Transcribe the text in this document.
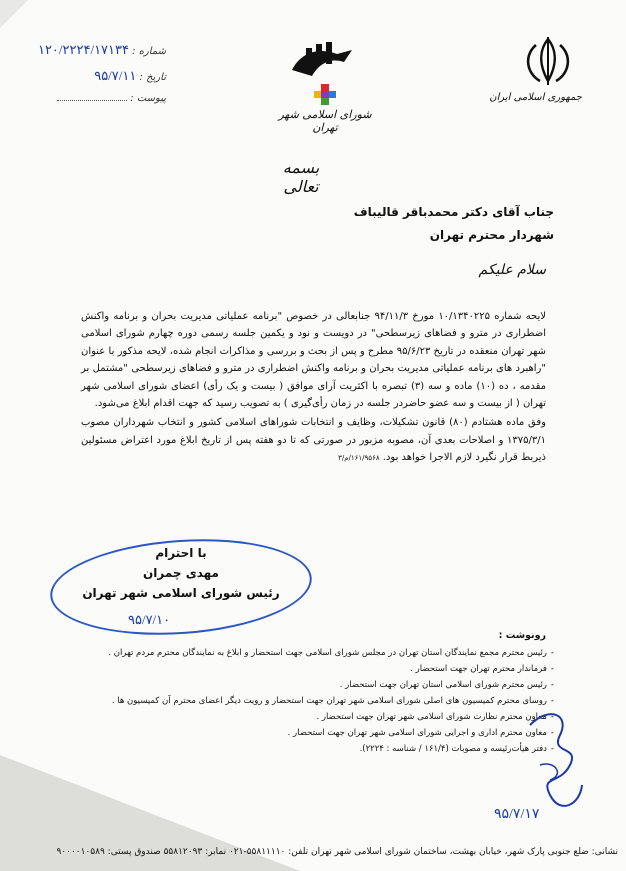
جمهوری اسلامی ایران
شورای اسلامی شهر تهران
شماره : ۱۲۰/۲۲۲۴/۱۷۱۳۴
تاریخ : ۹۵/۷/۱۱
پیوست :
بسمه تعالی
جناب آقای دکتر محمدباقر قالیباف
شهردار محترم تهران
سلام علیکم

لایحه شماره ۱۰/۱۳۴۰۲۲۵ مورخ ۹۴/۱۱/۳ جنابعالی در خصوص "برنامه عملیاتی مدیریت بحران و برنامه واکنش اضطراری در مترو و فضاهای زیرسطحی" در دویست و نود و یکمین جلسه رسمی دوره چهارم شورای اسلامی شهر تهران منعقده در تاریخ ۹۵/۶/۲۳ مطرح و پس از بحث و بررسی و مذاکرات انجام شده، لایحه مذکور با عنوان "راهبرد های برنامه عملیاتی مدیریت بحران و برنامه واکنش اضطراری در مترو و فضاهای زیرسطحی "مشتمل بر مقدمه ، ده (۱۰) ماده و سه (۳) تبصره با اکثریت آرای موافق ( بیست و یک رأی) اعضای شورای اسلامی شهر تهران ( از بیست و سه عضو حاضردر جلسه در زمان رأی‌گیری ) به تصویب رسید که جهت اقدام ابلاغ می‌شود.

وفق ماده هشتادم (۸۰) قانون تشکیلات، وظایف و انتخابات شوراهای اسلامی کشور و انتخاب شهرداران مصوب ۱۳۷۵/۳/۱ و اصلاحات بعدی آن، مصوبه مزبور در صورتی که تا دو هفته پس از تاریخ ابلاغ مورد اعتراض مسئولین ذیربط قرار نگیرد لازم الاجرا خواهد بود. ۱۶۱/۹۵۶۸/م/۳

با احترام
مهدی چمران
رئیس شورای اسلامی شهر تهران
۹۵/۷/۱۰
رونوشت :
-رئیس محترم مجمع نمایندگان استان تهران در مجلس شورای اسلامی جهت استحضار و ابلاغ به نمایندگان محترم مردم تهران .
-فرماندار محترم تهران جهت استحضار .
-رئیس محترم شورای اسلامی استان تهران جهت استحضار .
-روسای محترم کمیسیون های اصلی شورای اسلامی شهر تهران جهت استحضار و رویت دیگر اعضای محترم آن کمیسیون ها .
-معاون محترم نظارت شورای اسلامی شهر تهران جهت استحضار .
-معاون محترم اداری و اجرایی شورای اسلامی شهر تهران جهت استحضار .
-دفتر هیأت‌رئیسه و مصوبات (۱۶۱/۴ / شناسه : ۲۲۲۴).
۹۵/۷/۱۷
نشانی: ضلع جنوبی پارک شهر، خیابان بهشت، ساختمان شورای اسلامی شهر تهران تلفن: ۵۵۸۱۱۱۱۰-۰۲۱ نمابر: ۵۵۸۱۲۰۹۳ صندوق پستی: ۹۰۰۰۰۱۰۵۸۹
